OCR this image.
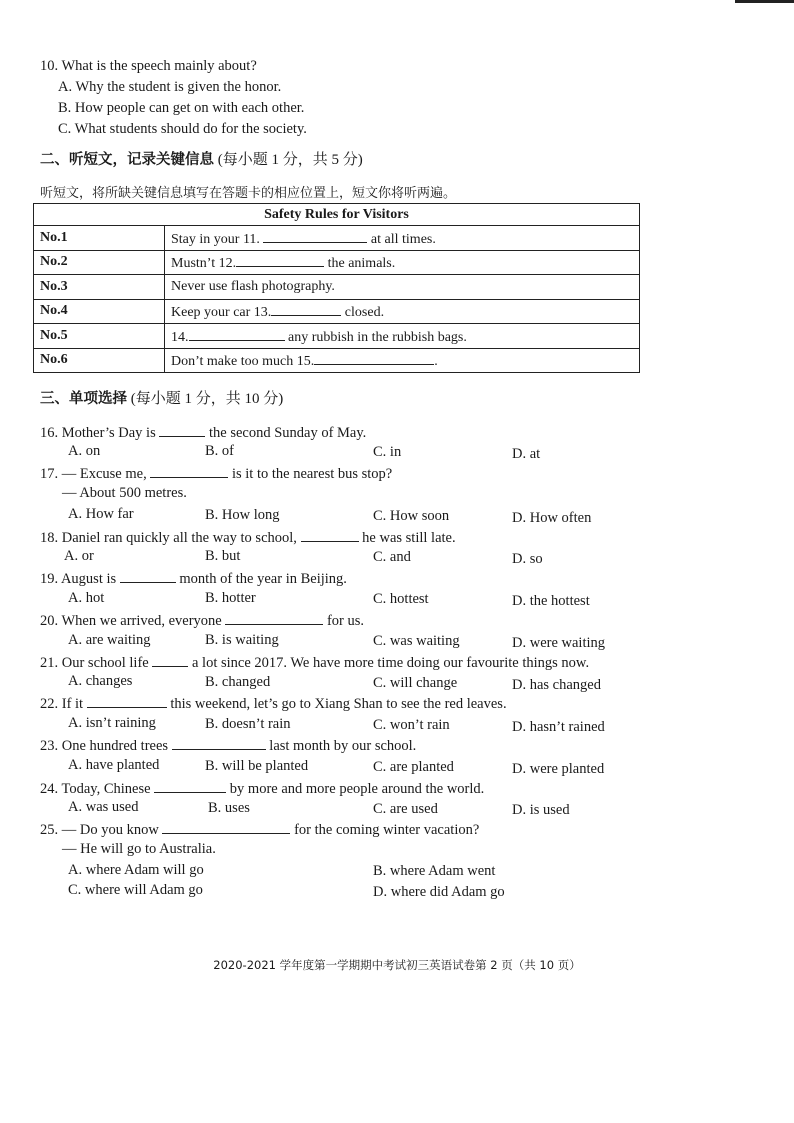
10. What is the speech mainly about?
A. Why the student is given the honor.
B. How people can get on with each other.
C. What students should do for the society.
二、听短文，记录关键信息 (每小题 1 分，共 5 分)
听短文，将所缺关键信息填写在答题卡的相应位置上，短文你将听两遍。
Safety Rules for Visitors	
No.1	Stay in your 11. at all times.
No.2	Mustn’t 12. the animals.
No.3	Never use flash photography.
No.4	Keep your car 13. closed.
No.5	14. any rubbish in the rubbish bags.
No.6	Don’t make too much 15. .
三、单项选择 (每小题 1 分，共 10 分)
16. Mother’s Day is	the second Sunday of May.
A. on	B. of	C. in	D. at
17. — Excuse me,	is it to the nearest bus stop?
— About 500 metres.
A. How far	B. How long	C. How soon	D. How often
18. Daniel ran quickly all the way to school,	he was still late.
A. or	B. but	C. and	D. so
19. August is	month of the year in Beijing.
A. hot	B. hotter	C. hottest	D. the hottest
20. When we arrived, everyone	for us.
A. are waiting	B. is waiting	C. was waiting	D. were waiting
21. Our school life  a lot since 2017. We have more time doing our favourite things now.
A. changes	B. changed	C. will change	D. has changed
22. If it	this weekend, let’s go to Xiang Shan to see the red leaves.
A. isn’t raining	B. doesn’t rain	C. won’t rain	D. hasn’t rained
23. One hundred trees	last month by our school.
A. have planted	B. will be planted	C. are planted	D. were planted
24. Today, Chinese	by more and more people around the world.
A. was used	B. uses	C. are used	D. is used
25. — Do you know	for the coming winter vacation?
— He will go to Australia.
A. where Adam will go	B. where Adam went
C. where will Adam go	D. where did Adam go
2020-2021 学年度第一学期期中考试初三英语试卷第 2 页（共 10 页）
